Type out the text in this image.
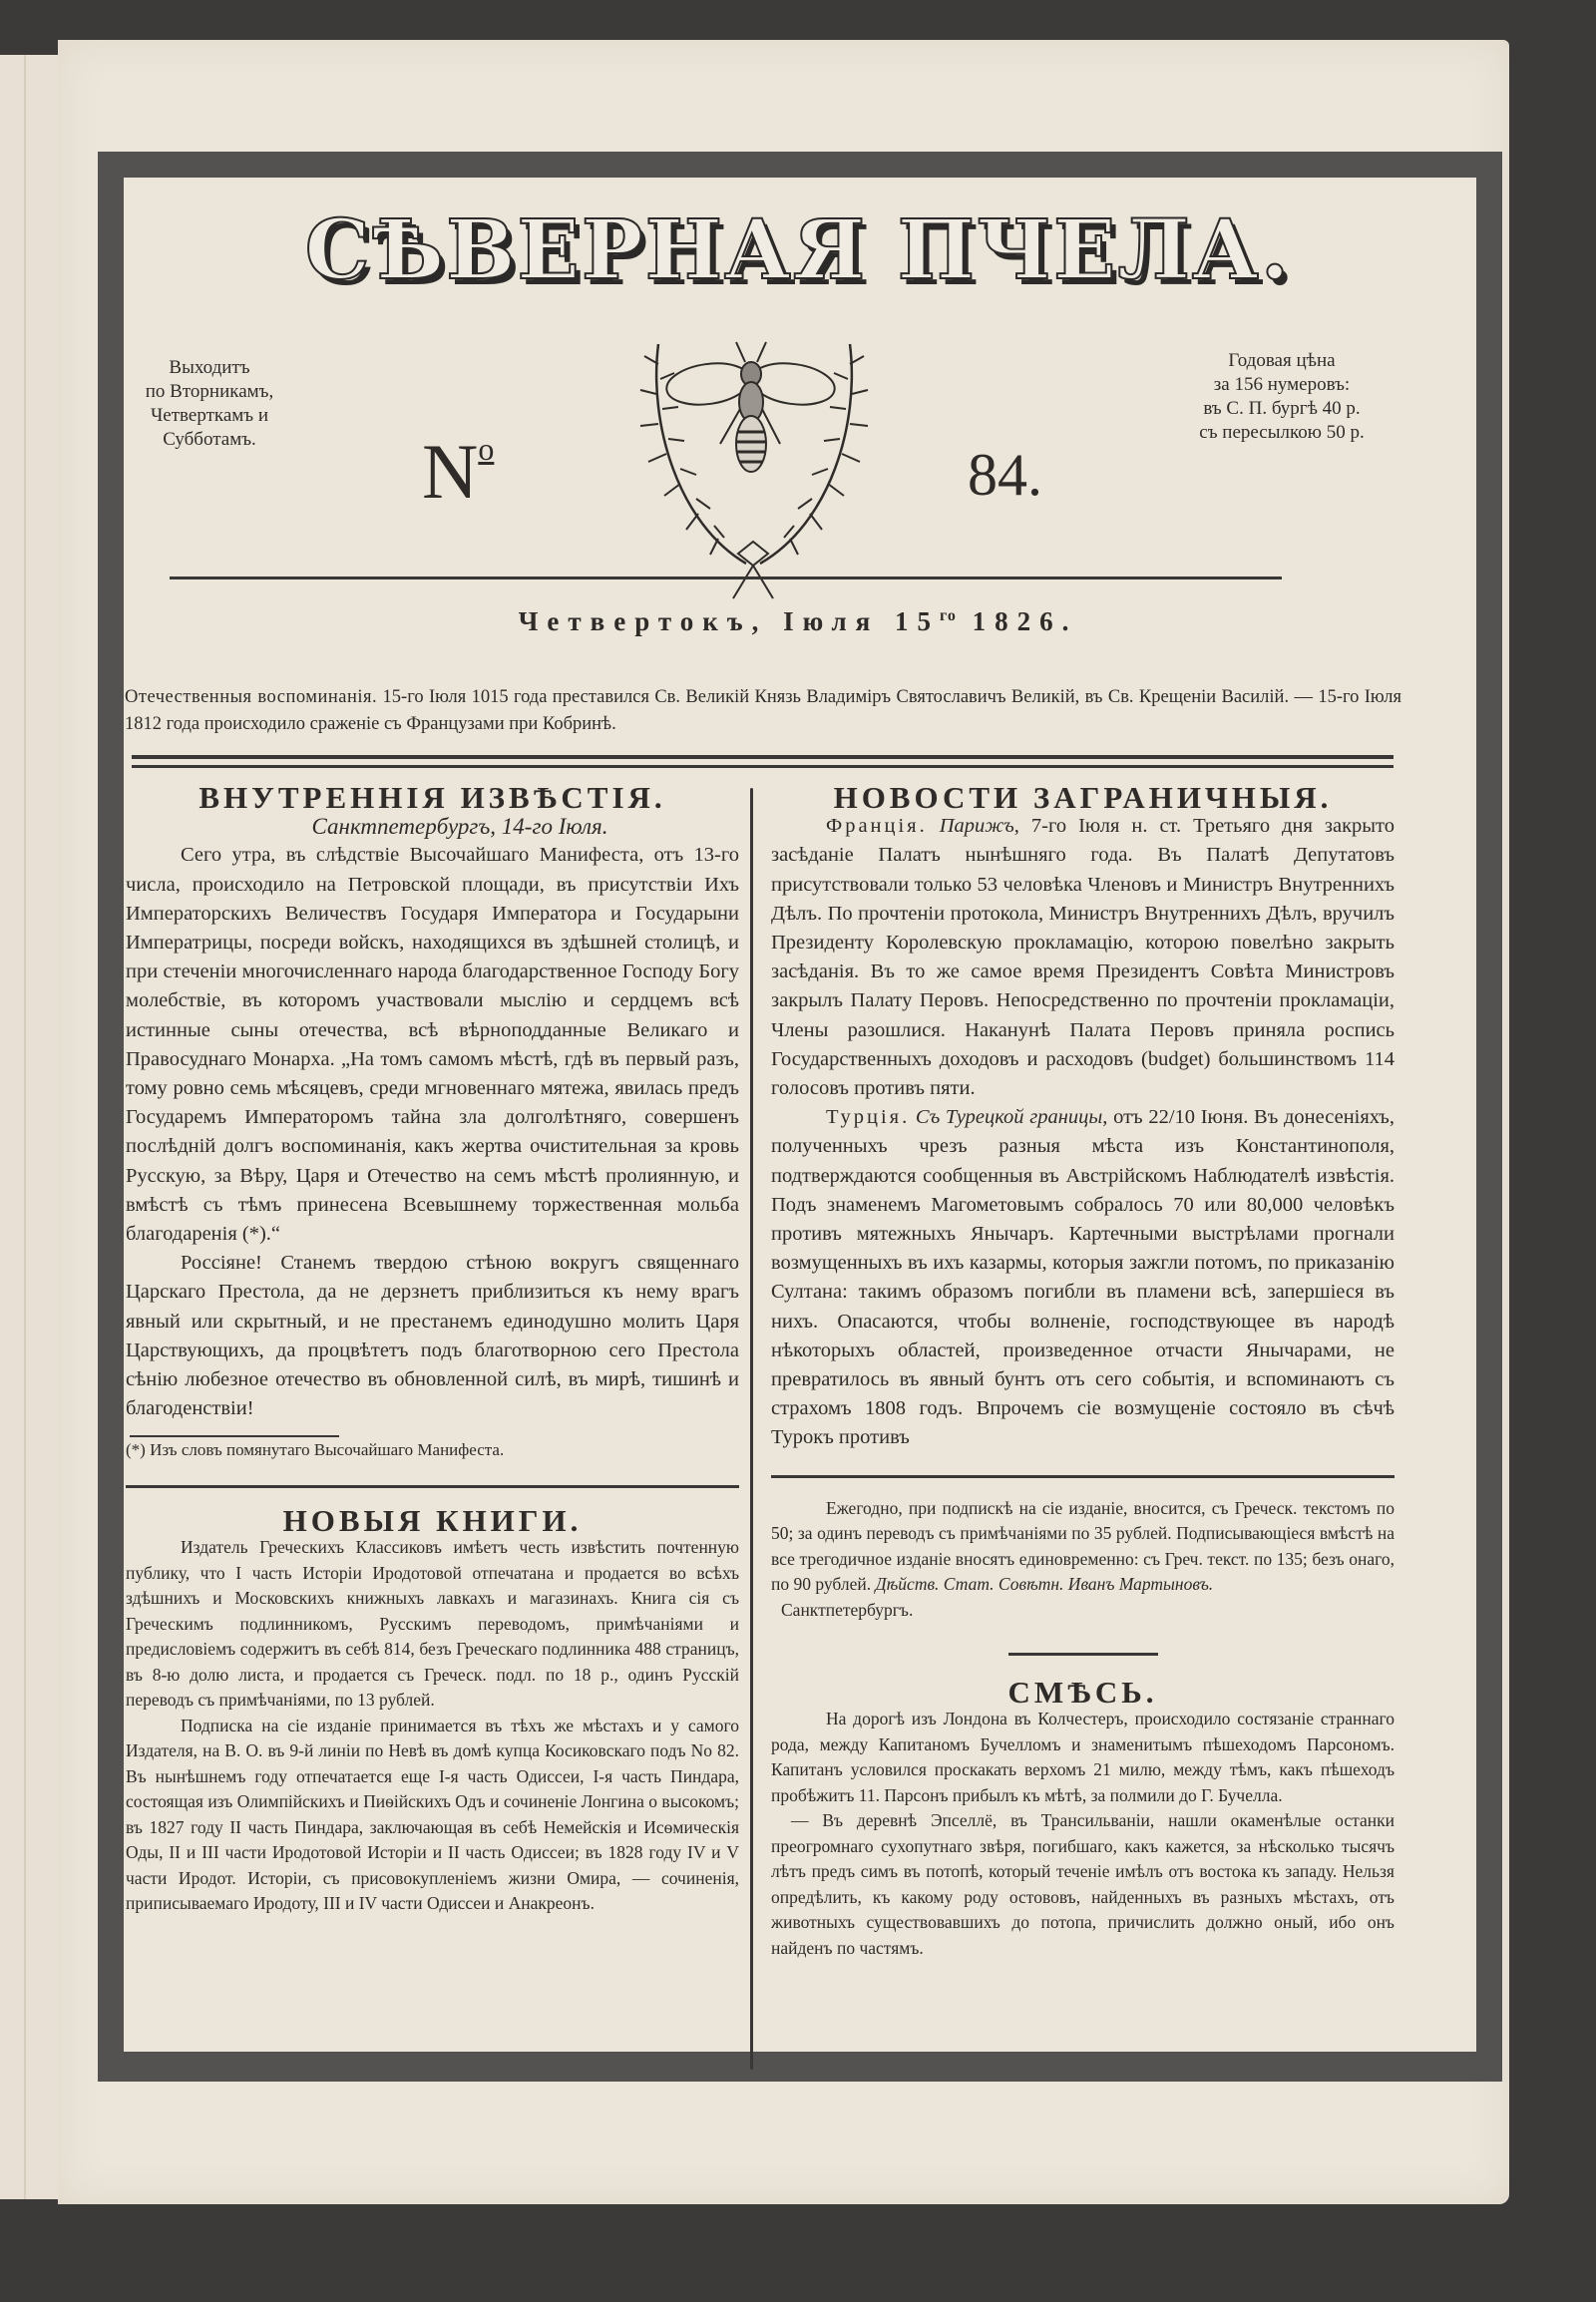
СѢВЕРНАЯ ПЧЕЛА.
Выходитъ
по Вторникамъ,
Четверткамъ и
Субботамъ.
Годовая цѣна
за 156 нумеровъ:
въ С. П. бургѣ 40 р.
съ пересылкою 50 р.
$N^о$	84.
Четвертокъ, Іюля $15^{го}$ 1826.
Отечественныя воспоминанія. 15-го Іюля 1015 года преставился Св. Великій Князь Владиміръ Святославичъ Великій, въ Св. Крещеніи Василій. — 15-го Іюля 1812 года происходило сраженіе съ Французами при Кобринѣ.

ВНУТРЕННІЯ ИЗВѢСТІЯ.

Санктпетербургъ, 14-го Іюля.

Сего утра, въ слѣдствіе Высочайшаго Манифеста, отъ 13-го числа, происходило на Петровской площади, въ присутствіи Ихъ Императорскихъ Величествъ Государя Императора и Государыни Императрицы, посреди войскъ, находящихся въ здѣшней столицѣ, и при стеченіи многочисленнаго народа благодарственное Господу Богу молебствіе, въ которомъ участвовали мыслію и сердцемъ всѣ истинные сыны отечества, всѣ вѣрноподданные Великаго и Правосуднаго Монарха. „На томъ самомъ мѣстѣ, гдѣ въ первый разъ, тому ровно семь мѣсяцевъ, среди мгновеннаго мятежа, явилась предъ Государемъ Императоромъ тайна зла долголѣтняго, совершенъ послѣдній долгъ воспоминанія, какъ жертва очистительная за кровь Русскую, за Вѣру, Царя и Отечество на семъ мѣстѣ пролиянную, и вмѣстѣ съ тѣмъ принесена Всевышнему торжественная мольба благодаренія (*).“

Россіяне! Станемъ твердою стѣною вокругъ священнаго Царскаго Престола, да не дерзнетъ приблизиться къ нему врагъ явный или скрытный, и не престанемъ единодушно молить Царя Царствующихъ, да процвѣтетъ подъ благотворною сего Престола сѣнію любезное отечество въ обновленной силѣ, въ мирѣ, тишинѣ и благоденствіи!

(*) Изъ словъ помянутаго Высочайшаго Манифеста.

НОВЫЯ КНИГИ.

Издатель Греческихъ Классиковъ имѣетъ честь извѣстить почтенную публику, что I часть Исторіи Иродотовой отпечатана и продается во всѣхъ здѣшнихъ и Московскихъ книжныхъ лавкахъ и магазинахъ. Книга сія съ Греческимъ подлинникомъ, Русскимъ переводомъ, примѣчаніями и предисловіемъ содержитъ въ себѣ 814, безъ Греческаго подлинника 488 страницъ, въ 8-ю долю листа, и продается съ Греческ. подл. по 18 р., одинъ Русскій переводъ съ примѣчаніями, по 13 рублей.

Подписка на сіе изданіе принимается въ тѣхъ же мѣстахъ и у самого Издателя, на В. О. въ 9-й линіи по Невѣ въ домѣ купца Косиковскаго подъ No 82. Въ нынѣшнемъ году отпечатается еще I-я часть Одиссеи, I-я часть Пиндара, состоящая изъ Олимпійскихъ и Пиѳійскихъ Одъ и сочиненіе Лонгина о высокомъ; въ 1827 году II часть Пиндара, заключающая въ себѣ Немейскія и Исѳмическія Оды, II и III части Иродотовой Исторіи и II часть Одиссеи; въ 1828 году IV и V части Иродот. Исторіи, съ присовокупленіемъ жизни Омира, — сочиненія, приписываемаго Иродоту, III и IV части Одиссеи и Анакреонъ.

НОВОСТИ ЗАГРАНИЧНЫЯ.

Франція. Парижъ, 7-го Іюля н. ст. Третьяго дня закрыто засѣданіе Палатъ нынѣшняго года. Въ Палатѣ Депутатовъ присутствовали только 53 человѣка Членовъ и Министръ Внутреннихъ Дѣлъ. По прочтеніи протокола, Министръ Внутреннихъ Дѣлъ, вручилъ Президенту Королевскую прокламацію, которою повелѣно закрыть засѣданія. Въ то же самое время Президентъ Совѣта Министровъ закрылъ Палату Перовъ. Непосредственно по прочтеніи прокламаціи, Члены разошлися. Наканунѣ Палата Перовъ приняла роспись Государственныхъ доходовъ и расходовъ (budget) большинствомъ 114 голосовъ противъ пяти.

Турція. Съ Турецкой границы, отъ 22/10 Іюня. Въ донесеніяхъ, полученныхъ чрезъ разныя мѣста изъ Константинополя, подтверждаются сообщенныя въ Австрійскомъ Наблюдателѣ извѣстія. Подъ знаменемъ Магометовымъ собралось 70 или 80,000 человѣкъ противъ мятежныхъ Янычаръ. Картечными выстрѣлами прогнали возмущенныхъ въ ихъ казармы, которыя зажгли потомъ, по приказанію Султана: такимъ образомъ погибли въ пламени всѣ, запершіеся въ нихъ. Опасаются, чтобы волненіе, господствующее въ народѣ нѣкоторыхъ областей, произведенное отчасти Янычарами, не превратилось въ явный бунтъ отъ сего событія, и вспоминаютъ съ страхомъ 1808 годъ. Впрочемъ сіе возмущеніе состояло въ сѣчѣ Турокъ противъ

Ежегодно, при подпискѣ на сіе изданіе, вносится, съ Греческ. текстомъ по 50; за одинъ переводъ съ примѣчаніями по 35 рублей. Подписывающіеся вмѣстѣ на все трегодичное изданіе вносятъ единовременно: съ Греч. текст. по 135; безъ онаго, по 90 рублей. Дѣйств. Стат. Совѣтн. Иванъ Мартыновъ.

Санктпетербургъ.

СМѢСЬ.

На дорогѣ изъ Лондона въ Колчестеръ, происходило состязаніе страннаго рода, между Капитаномъ Бучелломъ и знаменитымъ пѣшеходомъ Парсономъ. Капитанъ условился проскакать верхомъ 21 милю, между тѣмъ, какъ пѣшеходъ пробѣжитъ 11. Парсонъ прибылъ къ мѣтѣ, за полмили до Г. Бучелла.

— Въ деревнѣ Эпселлё, въ Трансильваніи, нашли окаменѣлые останки преогромнаго сухопутнаго звѣря, погибшаго, какъ кажется, за нѣсколько тысячъ лѣтъ предъ симъ въ потопѣ, который теченіе имѣлъ отъ востока къ западу. Нельзя опредѣлить, къ какому роду остововъ, найденныхъ въ разныхъ мѣстахъ, отъ животныхъ существовавшихъ до потопа, причислить должно оный, ибо онъ найденъ по частямъ.
